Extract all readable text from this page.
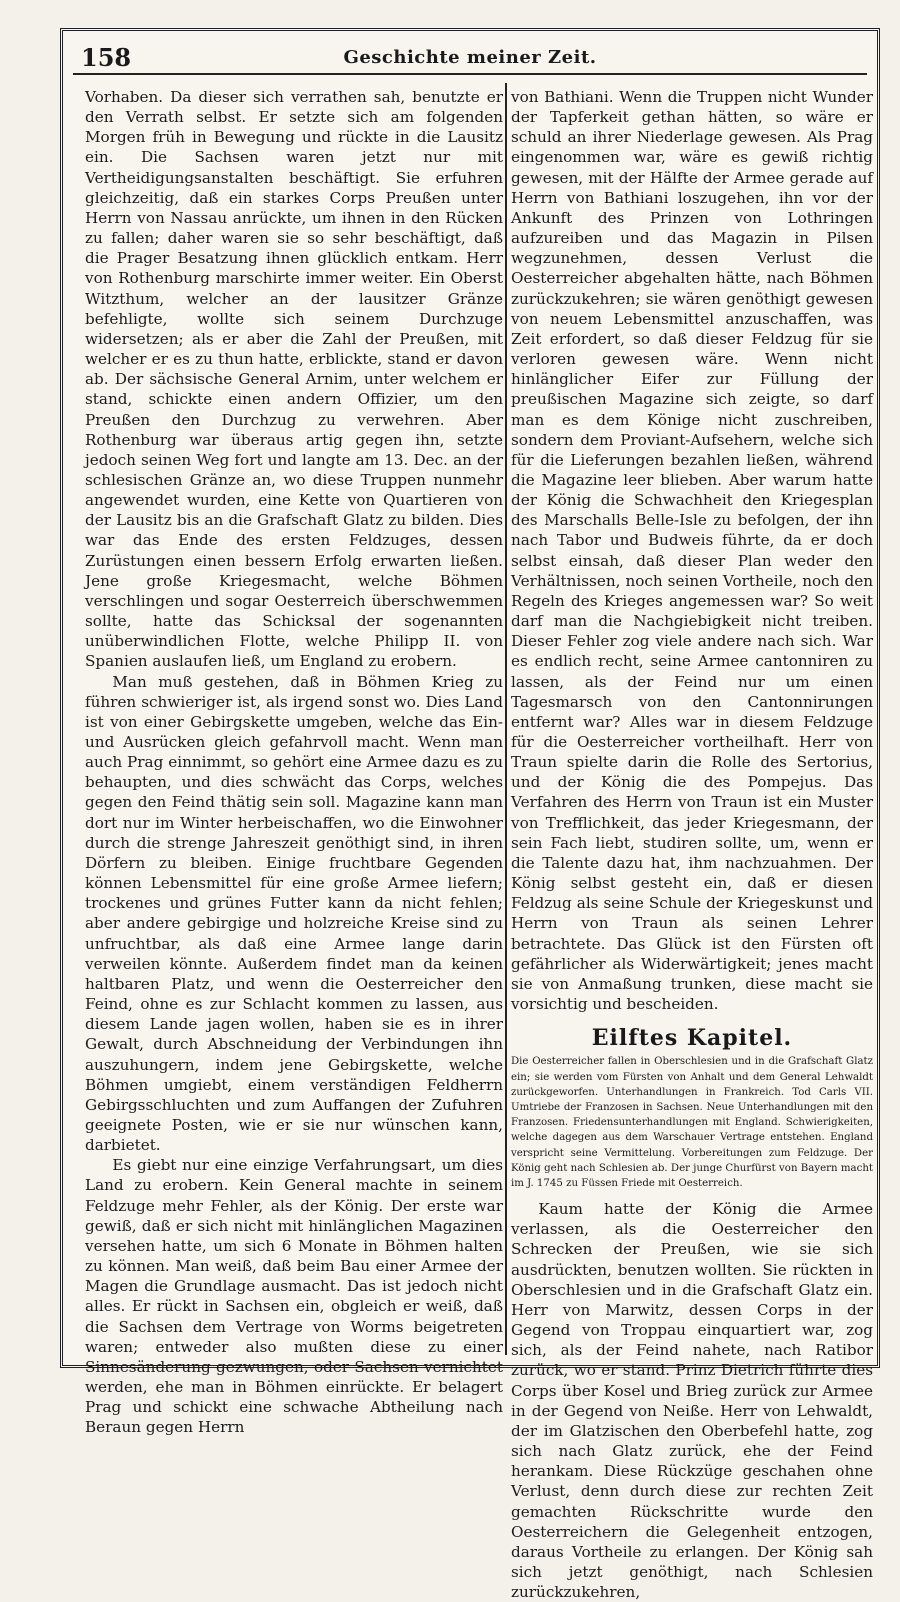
158	Geschichte meiner Zeit.

Vorhaben. Da dieser sich verrathen sah, benutzte er den Verrath selbst. Er setzte sich am folgenden Morgen früh in Bewegung und rückte in die Lausitz ein. Die Sachsen waren jetzt nur mit Vertheidigungsanstalten beschäftigt. Sie erfuhren gleichzeitig, daß ein starkes Corps Preußen unter Herrn von Nassau anrückte, um ihnen in den Rücken zu fallen; daher waren sie so sehr beschäftigt, daß die Prager Besatzung ihnen glücklich entkam. Herr von Rothenburg marschirte immer weiter. Ein Oberst Witzthum, welcher an der lausitzer Gränze befehligte, wollte sich seinem Durchzuge widersetzen; als er aber die Zahl der Preußen, mit welcher er es zu thun hatte, erblickte, stand er davon ab. Der sächsische General Arnim, unter welchem er stand, schickte einen andern Offizier, um den Preußen den Durchzug zu verwehren. Aber Rothenburg war überaus artig gegen ihn, setzte jedoch seinen Weg fort und langte am 13. Dec. an der schlesischen Gränze an, wo diese Truppen nunmehr angewendet wurden, eine Kette von Quartieren von der Lausitz bis an die Grafschaft Glatz zu bilden. Dies war das Ende des ersten Feldzuges, dessen Zurüstungen einen bessern Erfolg erwarten ließen. Jene große Kriegesmacht, welche Böhmen verschlingen und sogar Oesterreich überschwemmen sollte, hatte das Schicksal der sogenannten unüberwindlichen Flotte, welche Philipp II. von Spanien auslaufen ließ, um England zu erobern.

Man muß gestehen, daß in Böhmen Krieg zu führen schwieriger ist, als irgend sonst wo. Dies Land ist von einer Gebirgskette umgeben, welche das Ein- und Ausrücken gleich gefahrvoll macht. Wenn man auch Prag einnimmt, so gehört eine Armee dazu es zu behaupten, und dies schwächt das Corps, welches gegen den Feind thätig sein soll. Magazine kann man dort nur im Winter herbeischaffen, wo die Einwohner durch die strenge Jahreszeit genöthigt sind, in ihren Dörfern zu bleiben. Einige fruchtbare Gegenden können Lebensmittel für eine große Armee liefern; trockenes und grünes Futter kann da nicht fehlen; aber andere gebirgige und holzreiche Kreise sind zu unfruchtbar, als daß eine Armee lange darin verweilen könnte. Außerdem findet man da keinen haltbaren Platz, und wenn die Oesterreicher den Feind, ohne es zur Schlacht kommen zu lassen, aus diesem Lande jagen wollen, haben sie es in ihrer Gewalt, durch Abschneidung der Verbindungen ihn auszuhungern, indem jene Gebirgskette, welche Böhmen umgiebt, einem verständigen Feldherrn Gebirgsschluchten und zum Auffangen der Zufuhren geeignete Posten, wie er sie nur wünschen kann, darbietet.

Es giebt nur eine einzige Verfahrungsart, um dies Land zu erobern. Kein General machte in seinem Feldzuge mehr Fehler, als der König. Der erste war gewiß, daß er sich nicht mit hinlänglichen Magazinen versehen hatte, um sich 6 Monate in Böhmen halten zu können. Man weiß, daß beim Bau einer Armee der Magen die Grundlage ausmacht. Das ist jedoch nicht alles. Er rückt in Sachsen ein, obgleich er weiß, daß die Sachsen dem Vertrage von Worms beigetreten waren; entweder also mußten diese zu einer Sinnesänderung gezwungen, oder Sachsen vernichtet werden, ehe man in Böhmen einrückte. Er belagert Prag und schickt eine schwache Abtheilung nach Beraun gegen Herrn

von Bathiani. Wenn die Truppen nicht Wunder der Tapferkeit gethan hätten, so wäre er schuld an ihrer Niederlage gewesen. Als Prag eingenommen war, wäre es gewiß richtig gewesen, mit der Hälfte der Armee gerade auf Herrn von Bathiani loszugehen, ihn vor der Ankunft des Prinzen von Lothringen aufzureiben und das Magazin in Pilsen wegzunehmen, dessen Verlust die Oesterreicher abgehalten hätte, nach Böhmen zurückzukehren; sie wären genöthigt gewesen von neuem Lebensmittel anzuschaffen, was Zeit erfordert, so daß dieser Feldzug für sie verloren gewesen wäre. Wenn nicht hinlänglicher Eifer zur Füllung der preußischen Magazine sich zeigte, so darf man es dem Könige nicht zuschreiben, sondern dem Proviant-Aufsehern, welche sich für die Lieferungen bezahlen ließen, während die Magazine leer blieben. Aber warum hatte der König die Schwachheit den Kriegesplan des Marschalls Belle-Isle zu befolgen, der ihn nach Tabor und Budweis führte, da er doch selbst einsah, daß dieser Plan weder den Verhältnissen, noch seinen Vortheile, noch den Regeln des Krieges angemessen war? So weit darf man die Nachgiebigkeit nicht treiben. Dieser Fehler zog viele andere nach sich. War es endlich recht, seine Armee cantonniren zu lassen, als der Feind nur um einen Tagesmarsch von den Cantonnirungen entfernt war? Alles war in diesem Feldzuge für die Oesterreicher vortheilhaft. Herr von Traun spielte darin die Rolle des Sertorius, und der König die des Pompejus. Das Verfahren des Herrn von Traun ist ein Muster von Trefflichkeit, das jeder Kriegesmann, der sein Fach liebt, studiren sollte, um, wenn er die Talente dazu hat, ihm nachzuahmen. Der König selbst gesteht ein, daß er diesen Feldzug als seine Schule der Kriegeskunst und Herrn von Traun als seinen Lehrer betrachtete. Das Glück ist den Fürsten oft gefährlicher als Widerwärtigkeit; jenes macht sie von Anmaßung trunken, diese macht sie vorsichtig und bescheiden.

Eilftes Kapitel.

Die Oesterreicher fallen in Oberschlesien und in die Grafschaft Glatz ein; sie werden vom Fürsten von Anhalt und dem General Lehwaldt zurückgeworfen. Unterhandlungen in Frankreich. Tod Carls VII. Umtriebe der Franzosen in Sachsen. Neue Unterhandlungen mit den Franzosen. Friedensunterhandlungen mit England. Schwierigkeiten, welche dagegen aus dem Warschauer Vertrage entstehen. England verspricht seine Vermittelung. Vorbereitungen zum Feldzuge. Der König geht nach Schlesien ab. Der junge Churfürst von Bayern macht im J. 1745 zu Füssen Friede mit Oesterreich.

Kaum hatte der König die Armee verlassen, als die Oesterreicher den Schrecken der Preußen, wie sie sich ausdrückten, benutzen wollten. Sie rückten in Oberschlesien und in die Grafschaft Glatz ein. Herr von Marwitz, dessen Corps in der Gegend von Troppau einquartiert war, zog sich, als der Feind nahete, nach Ratibor zurück, wo er stand. Prinz Dietrich führte dies Corps über Kosel und Brieg zurück zur Armee in der Gegend von Neiße. Herr von Lehwaldt, der im Glatzischen den Oberbefehl hatte, zog sich nach Glatz zurück, ehe der Feind herankam. Diese Rückzüge geschahen ohne Verlust, denn durch diese zur rechten Zeit gemachten Rückschritte wurde den Oesterreichern die Gelegenheit entzogen, daraus Vortheile zu erlangen. Der König sah sich jetzt genöthigt, nach Schlesien zurückzukehren,
